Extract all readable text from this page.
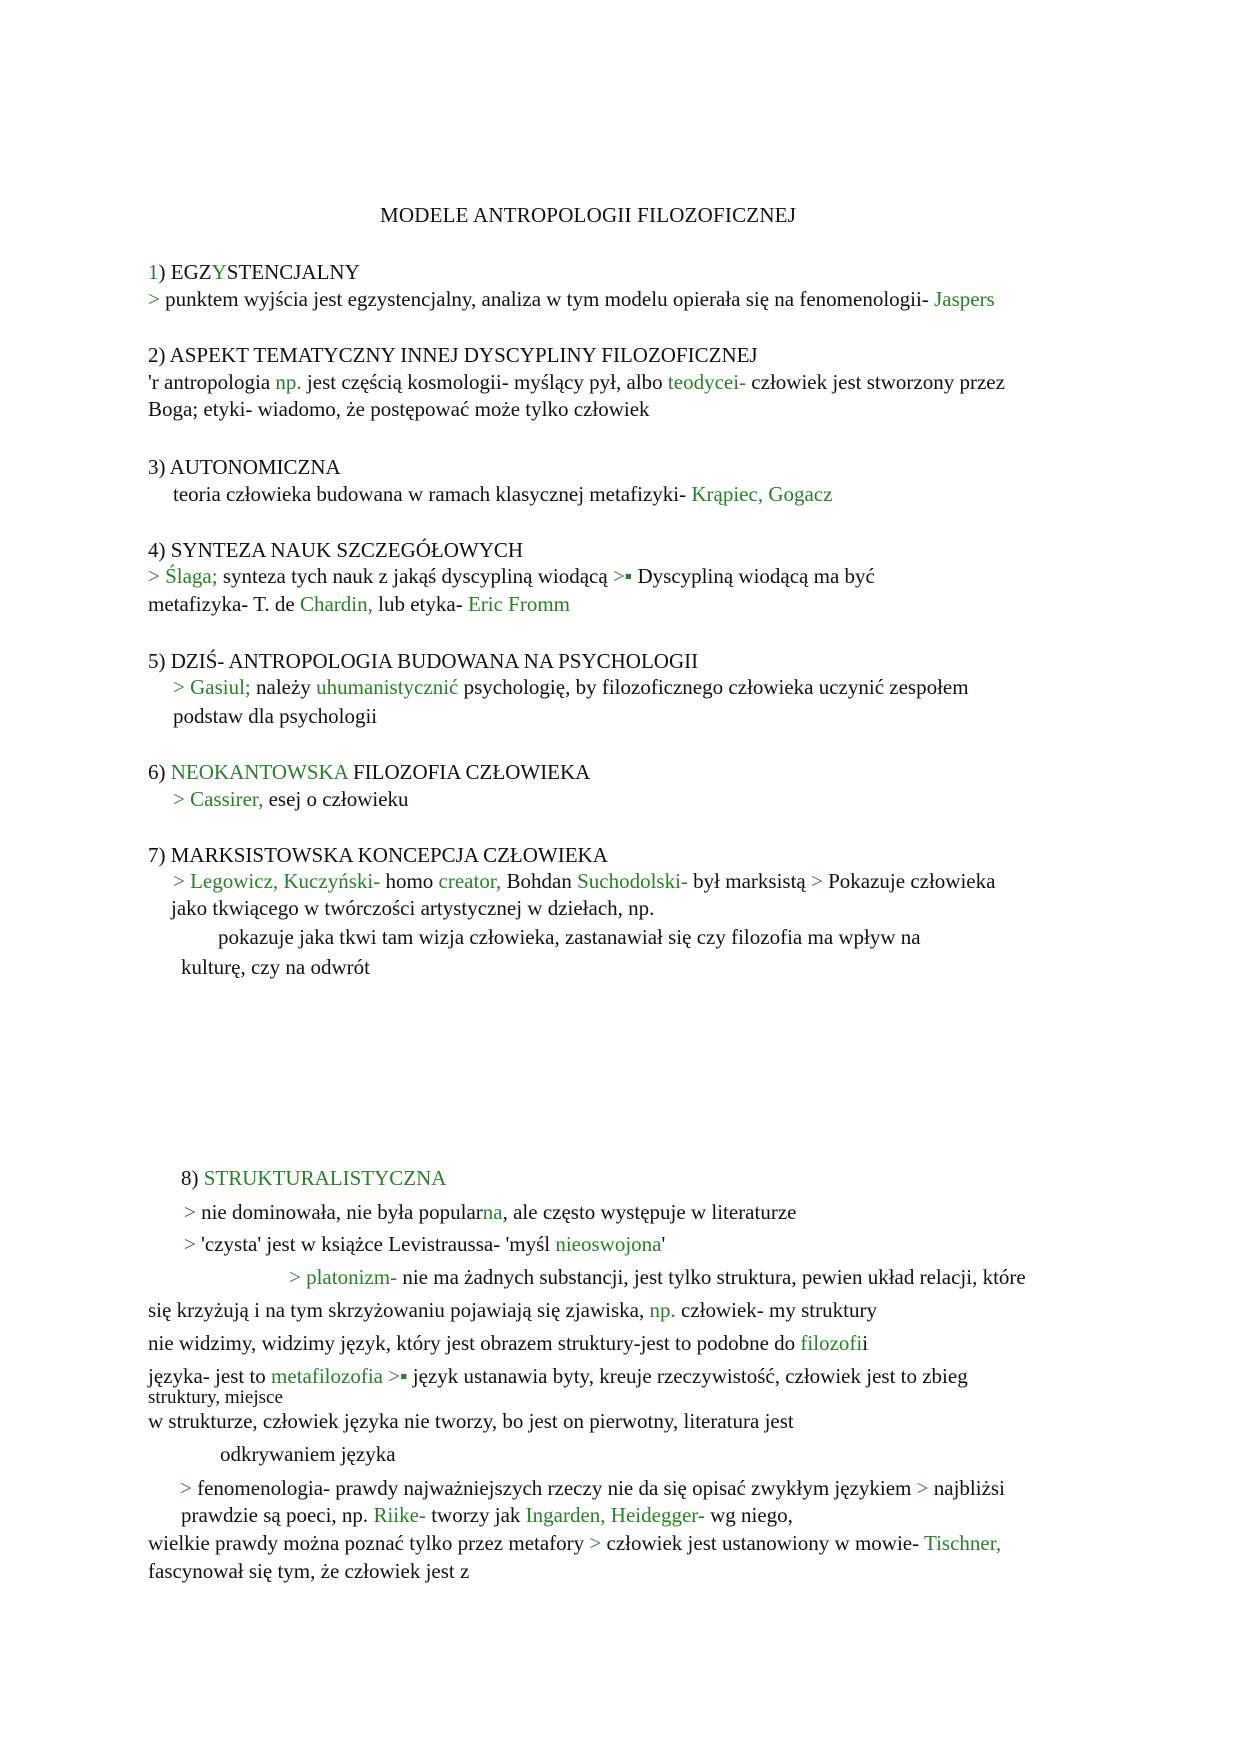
MODELE ANTROPOLOGII FILOZOFICZNEJ
1) EGZYSTENCJALNY
> punktem wyjścia jest egzystencjalny, analiza w tym modelu opierała się na fenomenologii- Jaspers
2) ASPEKT TEMATYCZNY INNEJ DYSCYPLINY FILOZOFICZNEJ
'r antropologia np. jest częścią kosmologii- myślący pył, albo teodycei- człowiek jest stworzony przez
Boga; etyki- wiadomo, że postępować może tylko człowiek
3) AUTONOMICZNA
teoria człowieka budowana w ramach klasycznej metafizyki- Krąpiec, Gogacz
4) SYNTEZA NAUK SZCZEGÓŁOWYCH
> Ślaga; synteza tych nauk z jakąś dyscypliną wiodącą >▪ Dyscypliną wiodącą ma być
metafizyka- T. de Chardin, lub etyka- Eric Fromm
5) DZIŚ- ANTROPOLOGIA BUDOWANA NA PSYCHOLOGII
> Gasiul; należy uhumanistycznić psychologię, by filozoficznego człowieka uczynić zespołem
podstaw dla psychologii
6) NEOKANTOWSKA FILOZOFIA CZŁOWIEKA
> Cassirer, esej o człowieku
7) MARKSISTOWSKA KONCEPCJA CZŁOWIEKA
> Legowicz, Kuczyński- homo creator, Bohdan Suchodolski- był marksistą > Pokazuje człowieka
jako tkwiącego w twórczości artystycznej w dziełach, np.
pokazuje jaka tkwi tam wizja człowieka, zastanawiał się czy filozofia ma wpływ na
kulturę, czy na odwrót
8) STRUKTURALISTYCZNA
> nie dominowała, nie była popularna, ale często występuje w literaturze
> 'czysta' jest w książce Levistraussa- 'myśl nieoswojona'
> platonizm- nie ma żadnych substancji, jest tylko struktura, pewien układ relacji, które
się krzyżują i na tym skrzyżowaniu pojawiają się zjawiska, np. człowiek- my struktury
nie widzimy, widzimy język, który jest obrazem struktury-jest to podobne do filozofii
języka- jest to metafilozofia >▪ język ustanawia byty, kreuje rzeczywistość, człowiek jest to zbieg
struktury, miejsce
w strukturze, człowiek języka nie tworzy, bo jest on pierwotny, literatura jest
odkrywaniem języka
> fenomenologia- prawdy najważniejszych rzeczy nie da się opisać zwykłym językiem > najbliżsi
prawdzie są poeci, np. Riike- tworzy jak Ingarden, Heidegger- wg niego,
wielkie prawdy można poznać tylko przez metafory > człowiek jest ustanowiony w mowie- Tischner,
fascynował się tym, że człowiek jest z
